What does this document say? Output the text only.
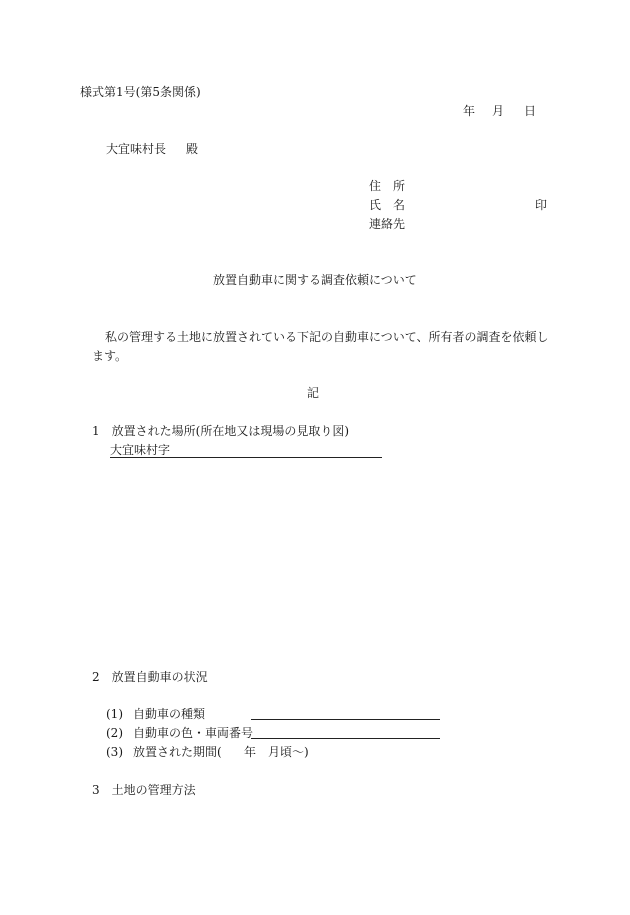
様式第1号(第5条関係)
年 月 日
大宜味村長 殿
住　所
氏　名	印
連絡先
放置自動車に関する調査依頼について
私の管理する土地に放置されている下記の自動車について、所有者の調査を依頼し
ます。
記
1　放置された場所(所在地又は現場の見取り図)
大宜味村字
2　放置自動車の状況
(1) 自動車の種類
(2) 自動車の色・車両番号
(3) 放置された期間( 年 月頃〜)
3　土地の管理方法
